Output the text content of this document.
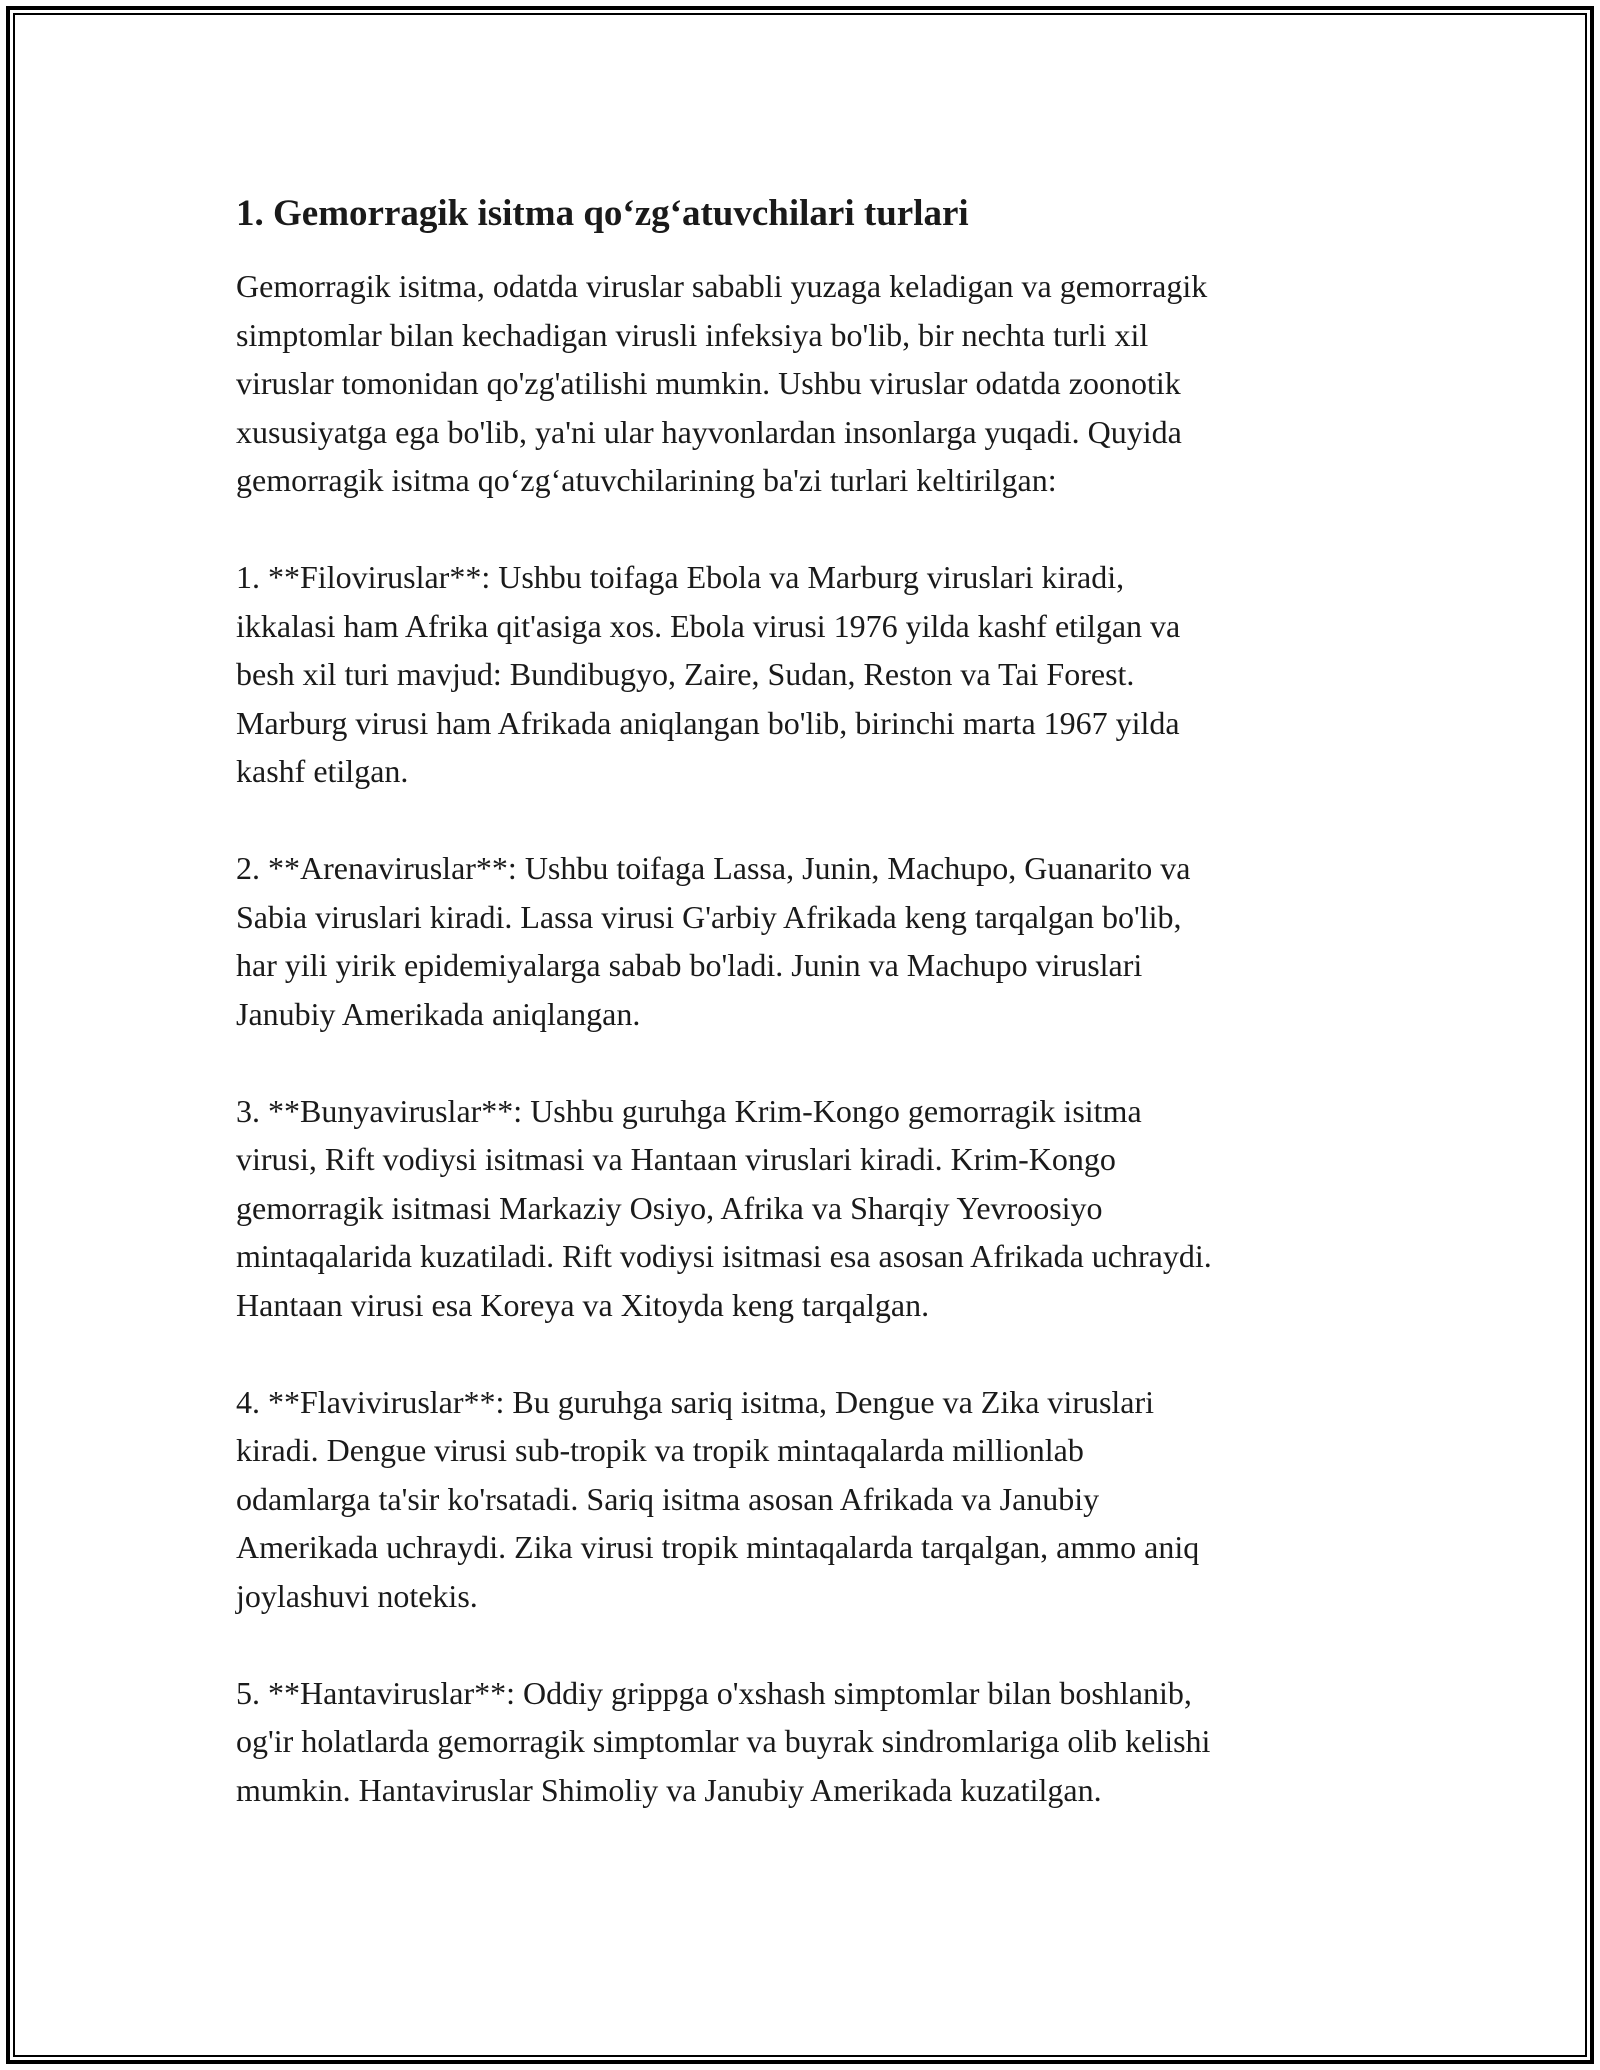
1. Gemorragik isitma qo‘zg‘atuvchilari turlari

Gemorragik isitma, odatda viruslar sababli yuzaga keladigan va gemorragik
simptomlar bilan kechadigan virusli infeksiya bo'lib, bir nechta turli xil
viruslar tomonidan qo'zg'atilishi mumkin. Ushbu viruslar odatda zoonotik
xususiyatga ega bo'lib, ya'ni ular hayvonlardan insonlarga yuqadi. Quyida
gemorragik isitma qo‘zg‘atuvchilarining ba'zi turlari keltirilgan:

1. **Filoviruslar**: Ushbu toifaga Ebola va Marburg viruslari kiradi,
ikkalasi ham Afrika qit'asiga xos. Ebola virusi 1976 yilda kashf etilgan va
besh xil turi mavjud: Bundibugyo, Zaire, Sudan, Reston va Tai Forest.
Marburg virusi ham Afrikada aniqlangan bo'lib, birinchi marta 1967 yilda
kashf etilgan.

2. **Arenaviruslar**: Ushbu toifaga Lassa, Junin, Machupo, Guanarito va
Sabia viruslari kiradi. Lassa virusi G'arbiy Afrikada keng tarqalgan bo'lib,
har yili yirik epidemiyalarga sabab bo'ladi. Junin va Machupo viruslari
Janubiy Amerikada aniqlangan.

3. **Bunyaviruslar**: Ushbu guruhga Krim-Kongo gemorragik isitma
virusi, Rift vodiysi isitmasi va Hantaan viruslari kiradi. Krim-Kongo
gemorragik isitmasi Markaziy Osiyo, Afrika va Sharqiy Yevroosiyo
mintaqalarida kuzatiladi. Rift vodiysi isitmasi esa asosan Afrikada uchraydi.
Hantaan virusi esa Koreya va Xitoyda keng tarqalgan.

4. **Flaviviruslar**: Bu guruhga sariq isitma, Dengue va Zika viruslari
kiradi. Dengue virusi sub-tropik va tropik mintaqalarda millionlab
odamlarga ta'sir ko'rsatadi. Sariq isitma asosan Afrikada va Janubiy
Amerikada uchraydi. Zika virusi tropik mintaqalarda tarqalgan, ammo aniq
joylashuvi notekis.

5. **Hantaviruslar**: Oddiy grippga o'xshash simptomlar bilan boshlanib,
og'ir holatlarda gemorragik simptomlar va buyrak sindromlariga olib kelishi
mumkin. Hantaviruslar Shimoliy va Janubiy Amerikada kuzatilgan.
